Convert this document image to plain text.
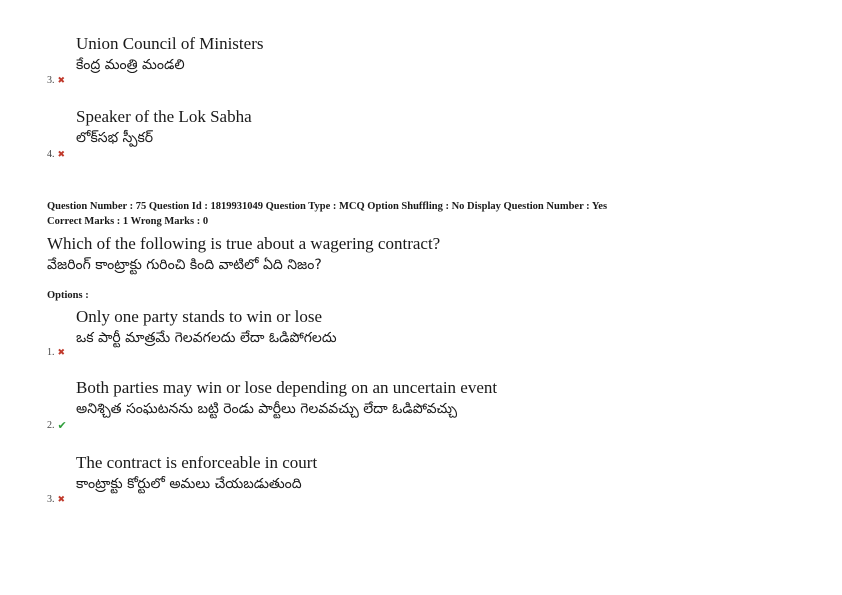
Union Council of Ministers
కేంద్ర మంత్రి మండలి
3. ✖
Speaker of the Lok Sabha
లోక్‌సభ స్పీకర్
4. ✖
Question Number : 75 Question Id : 1819931049 Question Type : MCQ Option Shuffling : No Display Question Number : Yes
Correct Marks : 1 Wrong Marks : 0
Which of the following is true about a wagering contract?
వేజరింగ్ కాంట్రాక్టు గురించి కింది వాటిలో ఏది నిజం?
Options :
Only one party stands to win or lose
ఒక పార్టీ మాత్రమే గెలవగలదు లేదా ఓడిపోగలదు
1. ✖
Both parties may win or lose depending on an uncertain event
అనిశ్చిత సంఘటనను బట్టి రెండు పార్టీలు గెలవవచ్చు లేదా ఓడిపోవచ్చు
2. ✔
The contract is enforceable in court
కాంట్రాక్టు కోర్టులో అమలు చేయబడుతుంది
3. ✖
